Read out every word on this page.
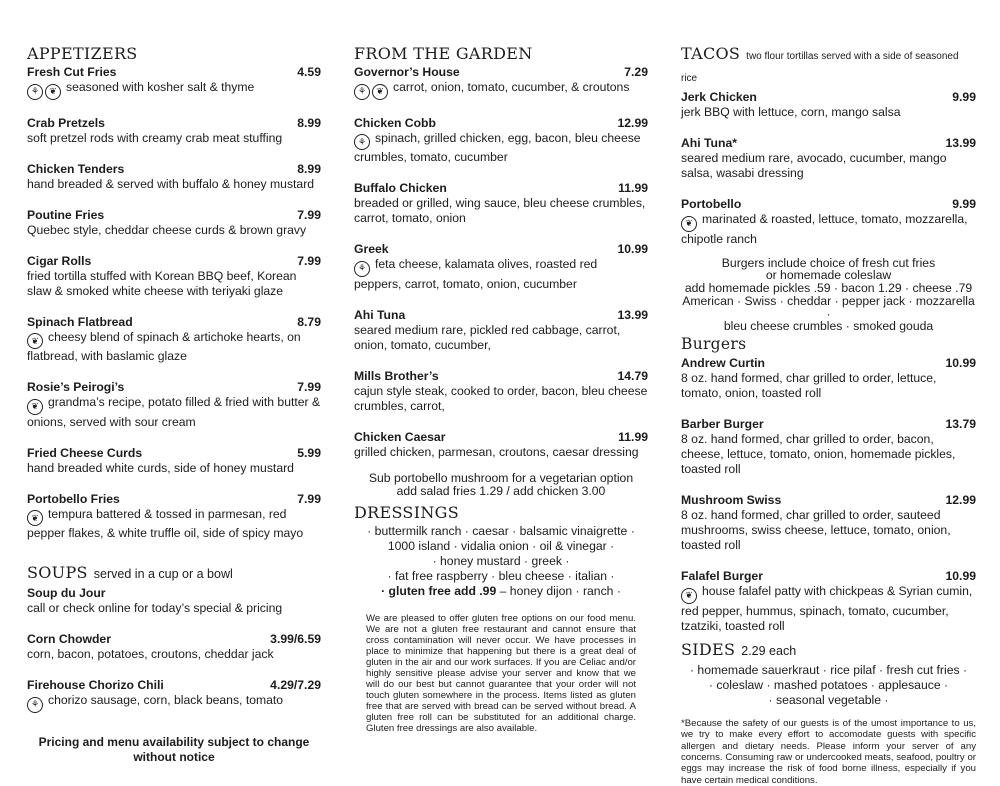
APPETIZERS
Fresh Cut Fries	4.59
⚘ ❦ seasoned with kosher salt & thyme
Crab Pretzels	8.99
soft pretzel rods with creamy crab meat stuffing
Chicken Tenders	8.99
hand breaded & served with buffalo & honey mustard
Poutine Fries	7.99
Quebec style, cheddar cheese curds & brown gravy
Cigar Rolls	7.99
fried tortilla stuffed with Korean BBQ beef, Korean slaw & smoked white cheese with teriyaki glaze
Spinach Flatbread	8.79
❦ cheesy blend of spinach & artichoke hearts, on flatbread, with baslamic glaze
Rosie’s Peirogi’s	7.99
❦ grandma’s recipe, potato filled & fried with butter & onions, served with sour cream
Fried Cheese Curds	5.99
hand breaded white curds, side of honey mustard
Portobello Fries	7.99
❦ tempura battered & tossed in parmesan, red pepper flakes, & white truffle oil, side of spicy mayo
SOUPS served in a cup or a bowl
Soup du Jour
call or check online for today’s special & pricing
Corn Chowder	3.99/6.59
corn, bacon, potatoes, croutons, cheddar jack
Firehouse Chorizo Chili	4.29/7.29
⚘ chorizo sausage, corn, black beans, tomato
Pricing and menu availability subject to change without notice
FROM THE GARDEN
Governor’s House	7.29
⚘ ❦ carrot, onion, tomato, cucumber, & croutons
Chicken Cobb	12.99
⚘ spinach, grilled chicken, egg, bacon, bleu cheese crumbles, tomato, cucumber
Buffalo Chicken	11.99
breaded or grilled, wing sauce, bleu cheese crumbles, carrot, tomato, onion
Greek	10.99
⚘ feta cheese, kalamata olives, roasted red peppers, carrot, tomato, onion, cucumber
Ahi Tuna	13.99
seared medium rare, pickled red cabbage, carrot, onion, tomato, cucumber,
Mills Brother’s	14.79
cajun style steak, cooked to order, bacon, bleu cheese crumbles, carrot,
Chicken Caesar	11.99
grilled chicken, parmesan, croutons, caesar dressing
Sub portobello mushroom for a vegetarian option
add salad fries 1.29 / add chicken 3.00
DRESSINGS
· buttermilk ranch · caesar · balsamic vinaigrette ·
1000 island · vidalia onion · oil & vinegar ·
· honey mustard · greek ·
· fat free raspberry · bleu cheese · italian ·
· gluten free add .99 – honey dijon · ranch ·
We are pleased to offer gluten free options on our food menu. We are not a gluten free restaurant and cannot ensure that cross contamination will never occur. We have processes in place to minimize that happening but there is a great deal of gluten in the air and our work surfaces. If you are Celiac and/or highly sensitive please advise your server and know that we will do our best but cannot guarantee that your order will not touch gluten somewhere in the process. Items listed as gluten free that are served with bread can be served without bread. A gluten free roll can be substituted for an additional charge. Gluten free dressings are also available.
TACOS two flour tortillas served with a side of seasoned rice
Jerk Chicken	9.99
jerk BBQ with lettuce, corn, mango salsa
Ahi Tuna*	13.99
seared medium rare, avocado, cucumber, mango salsa, wasabi dressing
Portobello	9.99
❦ marinated & roasted, lettuce, tomato, mozzarella, chipotle ranch
Burgers include choice of fresh cut fries
or homemade coleslaw
add homemade pickles .59 · bacon 1.29 · cheese .79
American · Swiss · cheddar · pepper jack · mozzarella ·
bleu cheese crumbles · smoked gouda
Burgers
Andrew Curtin	10.99
8 oz. hand formed, char grilled to order, lettuce, tomato, onion, toasted roll
Barber Burger	13.79
8 oz. hand formed, char grilled to order, bacon, cheese, lettuce, tomato, onion, homemade pickles, toasted roll
Mushroom Swiss	12.99
8 oz. hand formed, char grilled to order, sauteed mushrooms, swiss cheese, lettuce, tomato, onion, toasted roll
Falafel Burger	10.99
❦ house falafel patty with chickpeas & Syrian cumin, red pepper, hummus, spinach, tomato, cucumber, tzatziki, toasted roll
SIDES 2.29 each
· homemade sauerkraut · rice pilaf · fresh cut fries ·
· coleslaw · mashed potatoes · applesauce ·
· seasonal vegetable ·
*Because the safety of our guests is of the umost importance to us, we try to make every effort to accomodate guests with specific allergen and dietary needs. Please inform your server of any concerns. Consuming raw or undercooked meats, seafood, poultry or eggs may increase the risk of food borne illness, especially if you have certain medical conditions.
